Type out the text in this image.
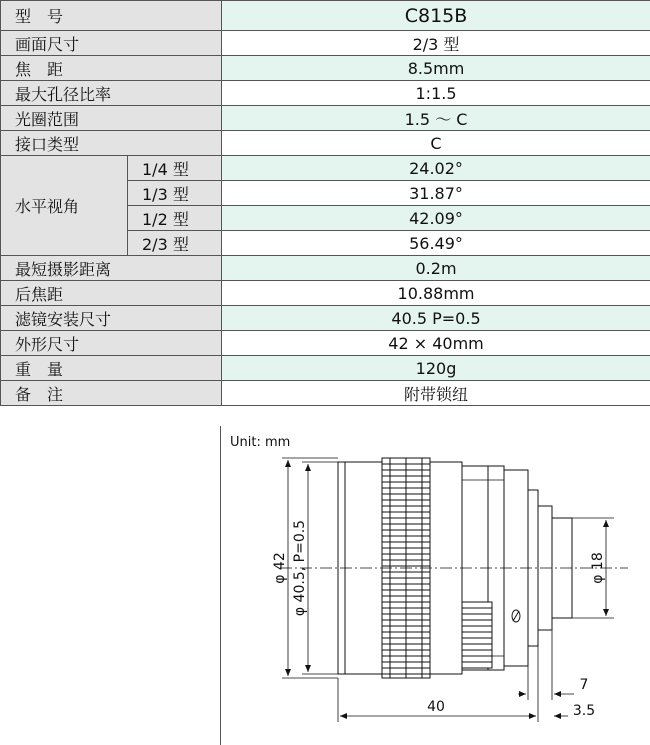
型　号		C815B
画面尺寸		2/3 型
焦　距		8.5mm
最大孔径比率		1:1.5
光圈范围		1.5 ～ C
接口类型		C
水平视角	1/4 型	24.02°
	1/3 型	31.87°
	1/2 型	42.09°
	2/3 型	56.49°
最短摄影距离		0.2m
后焦距		10.88mm
滤镜安装尺寸		40.5 P=0.5
外形尺寸		42 × 40mm
重　量		120g
备　注		附带锁纽
Unit: mm
φ 42 φ 40.5, P=0.5	φ 18
40
7
3.5
